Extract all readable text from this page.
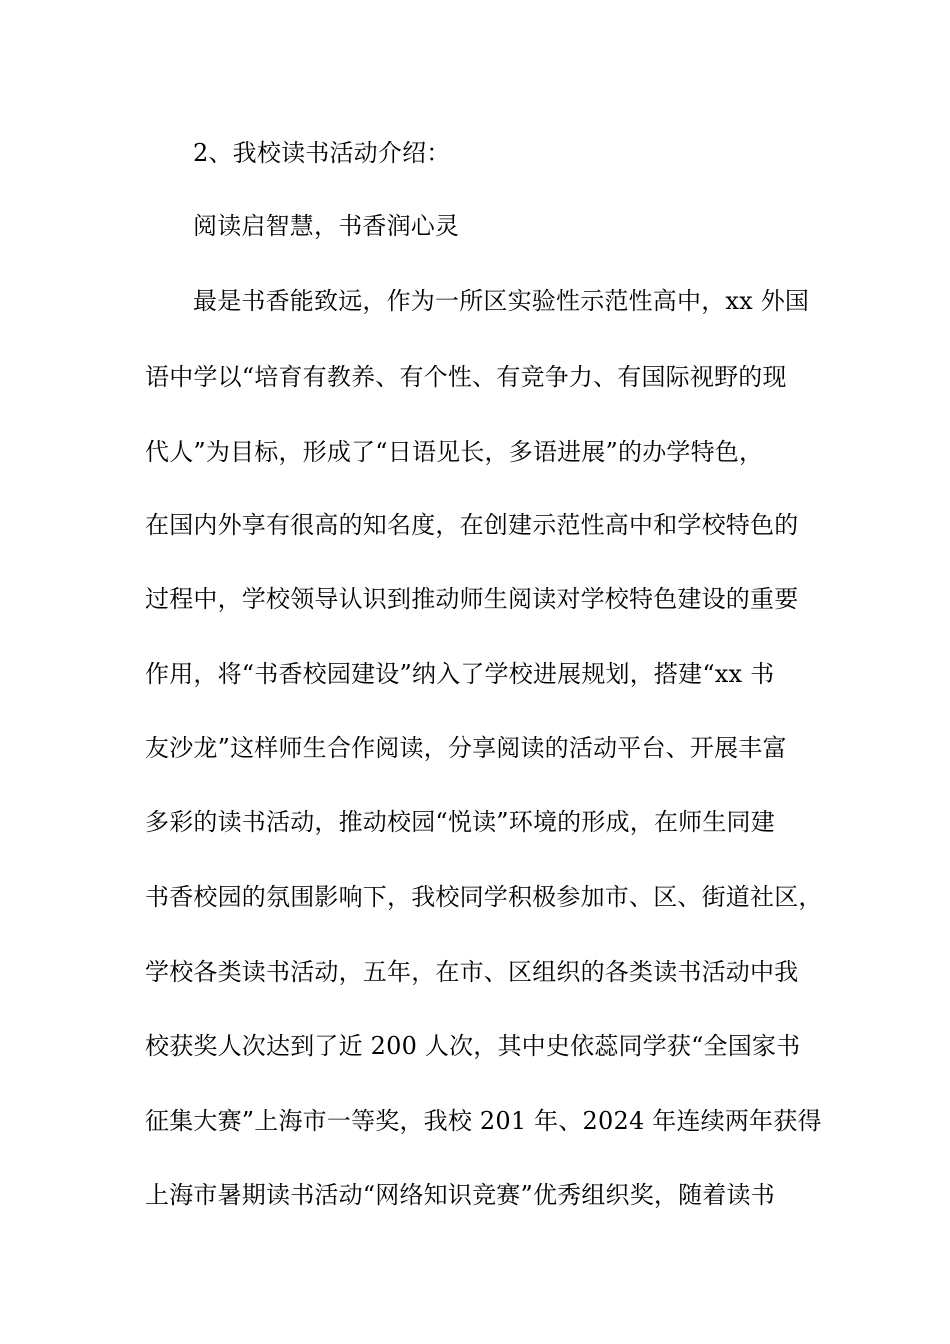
2、我校读书活动介绍：
阅读启智慧，书香润心灵
最是书香能致远，作为一所区实验性示范性高中，xx 外国
语中学以“培育有教养、有个性、有竞争力、有国际视野的现
代人”为目标，形成了“日语见长，多语进展”的办学特色，
在国内外享有很高的知名度，在创建示范性高中和学校特色的
过程中，学校领导认识到推动师生阅读对学校特色建设的重要
作用，将“书香校园建设”纳入了学校进展规划，搭建“xx 书
友沙龙”这样师生合作阅读，分享阅读的活动平台、开展丰富
多彩的读书活动，推动校园“悦读”环境的形成，在师生同建
书香校园的氛围影响下，我校同学积极参加市、区、街道社区，
学校各类读书活动，五年，在市、区组织的各类读书活动中我
校获奖人次达到了近 200 人次，其中史依蕊同学获“全国家书
征集大赛”上海市一等奖，我校 201 年、2024 年连续两年获得
上海市暑期读书活动“网络知识竞赛”优秀组织奖，随着读书
